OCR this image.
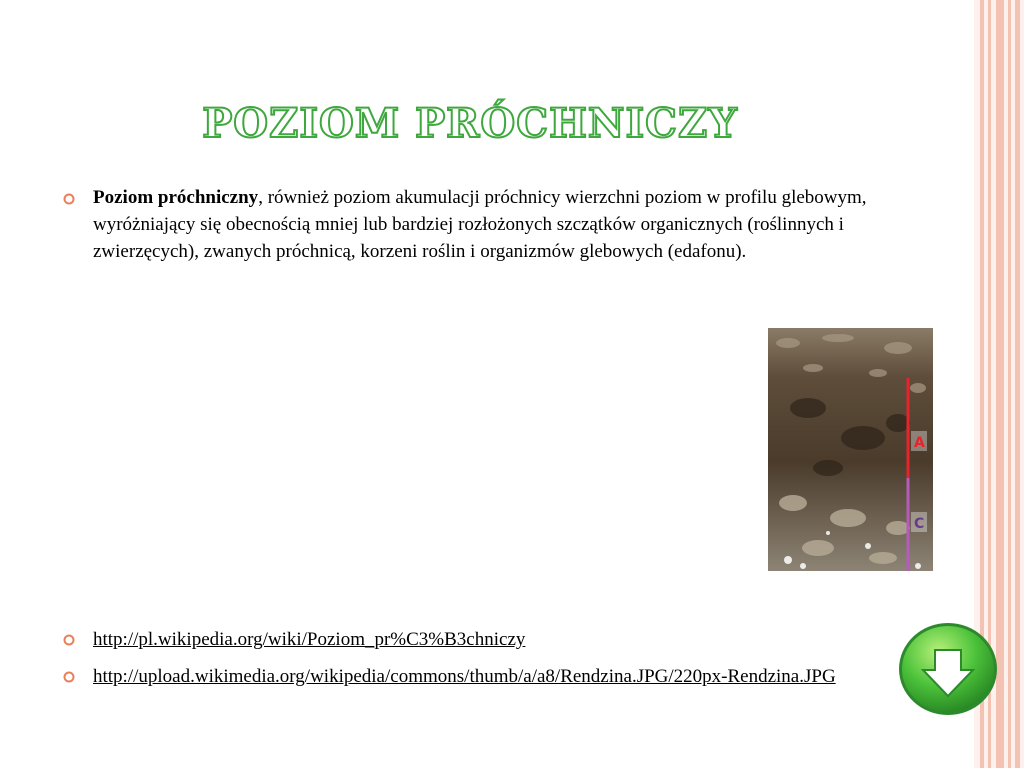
POZIOM PRÓCHNICZY
Poziom próchniczny, również poziom akumulacji próchnicy wierzchni poziom w profilu glebowym, wyróżniający się obecnością mniej lub bardziej rozłożonych szczątków organicznych (roślinnych i zwierzęcych), zwanych próchnicą, korzeni roślin i organizmów glebowych (edafonu).
A
C
http://pl.wikipedia.org/wiki/Poziom_pr%C3%B3chniczy
http://upload.wikimedia.org/wikipedia/commons/thumb/a/a8/Rendzina.JPG/220px-Rendzina.JPG
